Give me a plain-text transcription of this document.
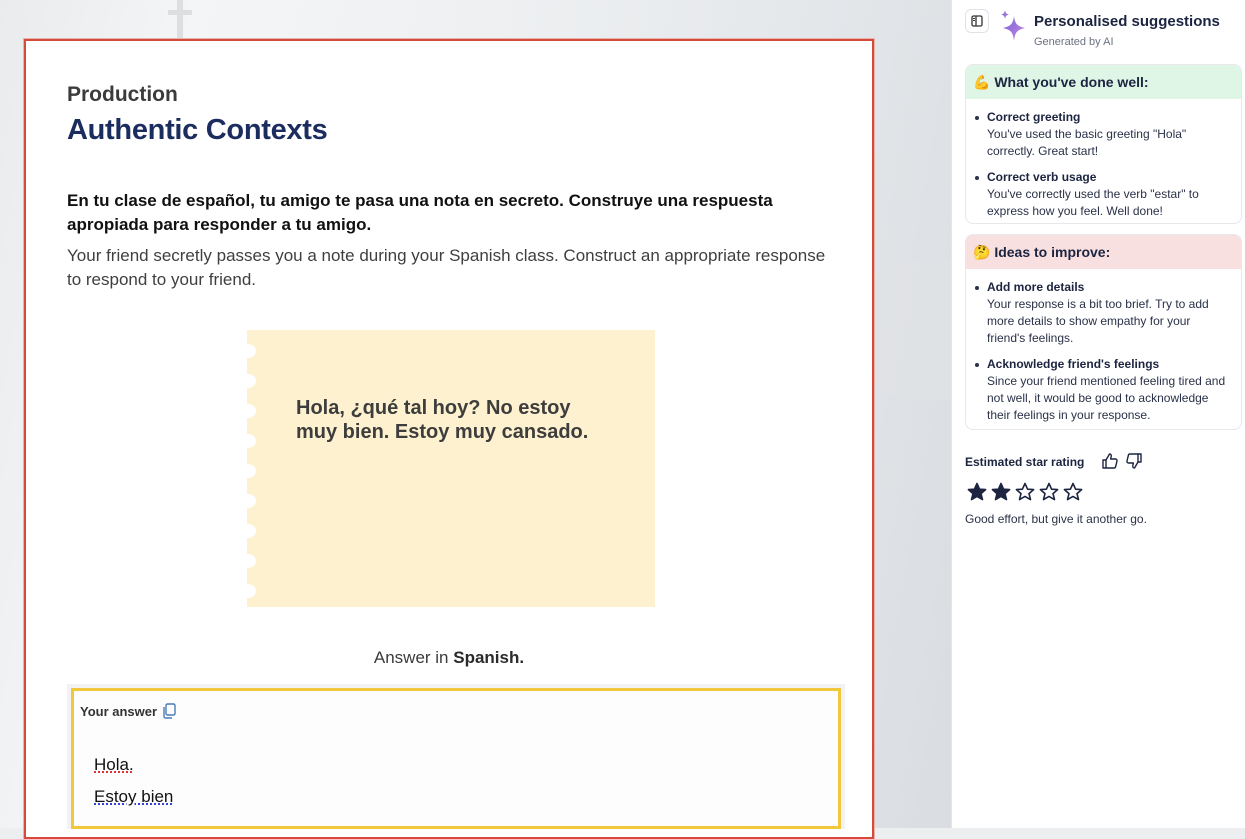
Production
Authentic Contexts
En tu clase de español, tu amigo te pasa una nota en secreto. Construye una respuesta apropiada para responder a tu amigo.
Your friend secretly passes you a note during your Spanish class. Construct an appropriate response to respond to your friend.
Hola, ¿qué tal hoy? No estoy muy bien. Estoy muy cansado.
Answer in Spanish.
Your answer
Hola.
Estoy bien
Personalised suggestions
Generated by AI
💪 What you've done well:
Correct greeting
You've used the basic greeting "Hola" correctly. Great start!
Correct verb usage
You've correctly used the verb "estar" to express how you feel. Well done!
🤔 Ideas to improve:
Add more details
Your response is a bit too brief. Try to add more details to show empathy for your friend's feelings.
Acknowledge friend's feelings
Since your friend mentioned feeling tired and not well, it would be good to acknowledge their feelings in your response.
Estimated star rating
Good effort, but give it another go.
